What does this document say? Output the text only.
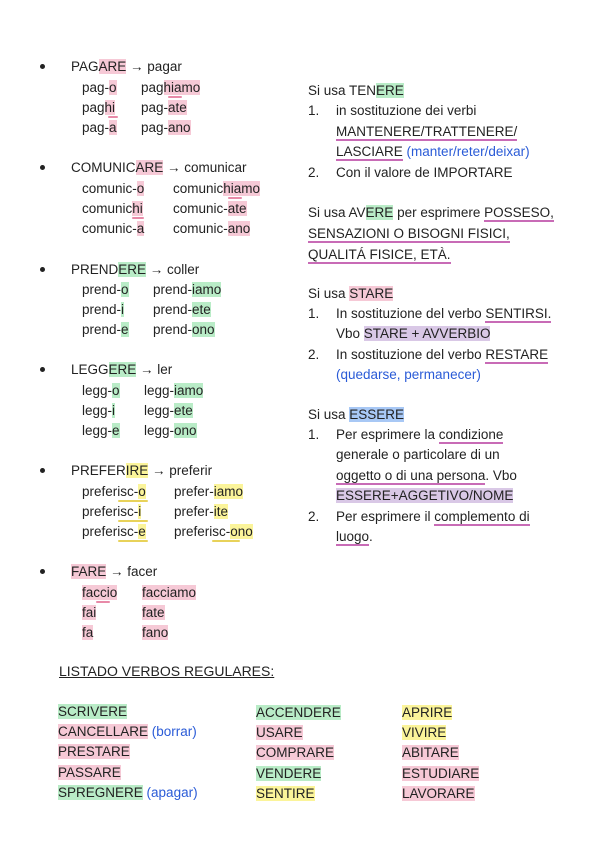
PAGARE → pagar
pag-o paghiamo
paghi pag-ate
pag-a pag-ano
COMUNICARE → comunicar
comunic-o comunichiamo
comunichi comunic-ate
comunic-a comunic-ano
PRENDERE → coller
prend-o prend-iamo
prend-i prend-ete
prend-e prend-ono
LEGGERE → ler
legg-o legg-iamo
legg-i legg-ete
legg-e legg-ono
PREFERIRE → preferir
preferisc-o prefer-iamo
preferisc-i prefer-ite
preferisc-e preferisc-ono
FARE → facer
faccio facciamo
fai	fate
fa	fano
Si usa TENERE
1. in sostituzione dei verbi
MANTENERE/TRATTENERE/
LASCIARE (manter/reter/deixar)
2. Con il valore de IMPORTARE
Si usa AVERE per esprimere POSSESO,
SENSAZIONI O BISOGNI FISICI,
QUALITÁ FISICE, ETÀ.
Si usa STARE
1. In sostituzione del verbo SENTIRSI.
Vbo STARE + AVVERBIO
2. In sostituzione del verbo RESTARE
(quedarse, permanecer)
Si usa ESSERE
1. Per esprimere la condizione
generale o particolare di un
oggetto o di una persona. Vbo
ESSERE+AGGETIVO/NOME
2. Per esprimere il complemento di
luogo.
LISTADO VERBOS REGULARES:
SCRIVERE
CANCELLARE (borrar)
PRESTARE
PASSARE
SPREGNERE (apagar)
ACCENDERE
USARE
COMPRARE
VENDERE
SENTIRE
APRIRE
VIVIRE
ABITARE
ESTUDIARE
LAVORARE
